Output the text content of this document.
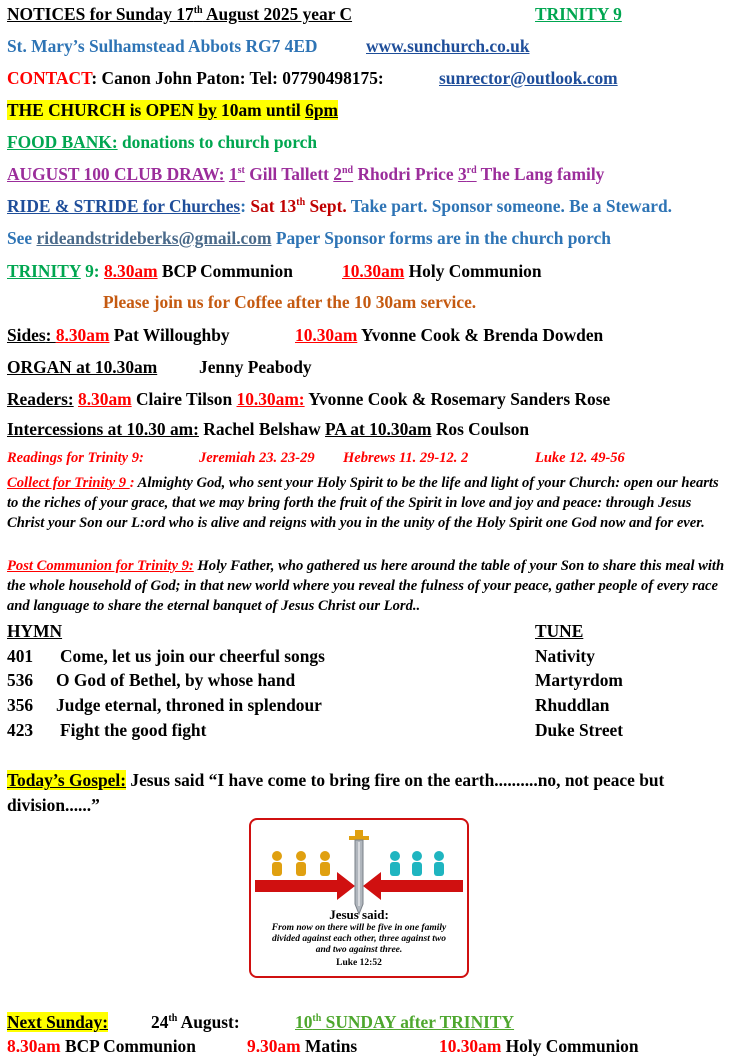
NOTICES for Sunday 17th August 2025 year C	TRINITY 9
St. Mary’s Sulhamstead Abbots RG7 4ED	www.sunchurch.co.uk
CONTACT: Canon John Paton: Tel: 07790498175:	sunrector@outlook.com
THE CHURCH is OPEN by 10am until 6pm
FOOD BANK: donations to church porch
AUGUST 100 CLUB DRAW: 1st Gill Tallett 2nd Rhodri Price 3rd The Lang family
RIDE & STRIDE for Churches: Sat 13th Sept. Take part. Sponsor someone. Be a Steward.
See rideandstrideberks@gmail.com Paper Sponsor forms are in the church porch
TRINITY 9: 8.30am BCP Communion	10.30am Holy Communion
Please join us for Coffee after the 10 30am service.
Sides: 8.30am Pat Willoughby	10.30am Yvonne Cook & Brenda Dowden
ORGAN at 10.30am Jenny Peabody
Readers: 8.30am Claire Tilson 10.30am: Yvonne Cook & Rosemary Sanders Rose
Intercessions at 10.30 am: Rachel Belshaw PA at 10.30am Ros Coulson
Readings for Trinity 9:	Jeremiah 23. 23-29 Hebrews 11. 29-12. 2	Luke 12. 49-56
Collect for Trinity 9 : Almighty God, who sent your Holy Spirit to be the life and light of your Church: open our hearts to the riches of your grace, that we may bring forth the fruit of the Spirit in love and joy and peace: through Jesus Christ your Son our L:ord who is alive and reigns with you in the unity of the Holy Spirit one God now and for ever.
Post Communion for Trinity 9: Holy Father, who gathered us here around the table of your Son to share this meal with the whole household of God; in that new world where you reveal the fulness of your peace, gather people of every race and language to share the eternal banquet of Jesus Christ our Lord..
HYMN	TUNE
401 Come, let us join our cheerful songs	Nativity
536 O God of Bethel, by whose hand	Martyrdom
356 Judge eternal, throned in splendour	Rhuddlan
423 Fight the good fight	Duke Street
Today’s Gospel: Jesus said “I have come to bring fire on the earth..........no, not peace but
division......”
Jesus said:
From now on there will be five in one family
divided against each other, three against two
and two against three.
Luke 12:52
Next Sunday: 24th August:	10th SUNDAY after TRINITY
8.30am BCP Communion	9.30am Matins	10.30am Holy Communion
